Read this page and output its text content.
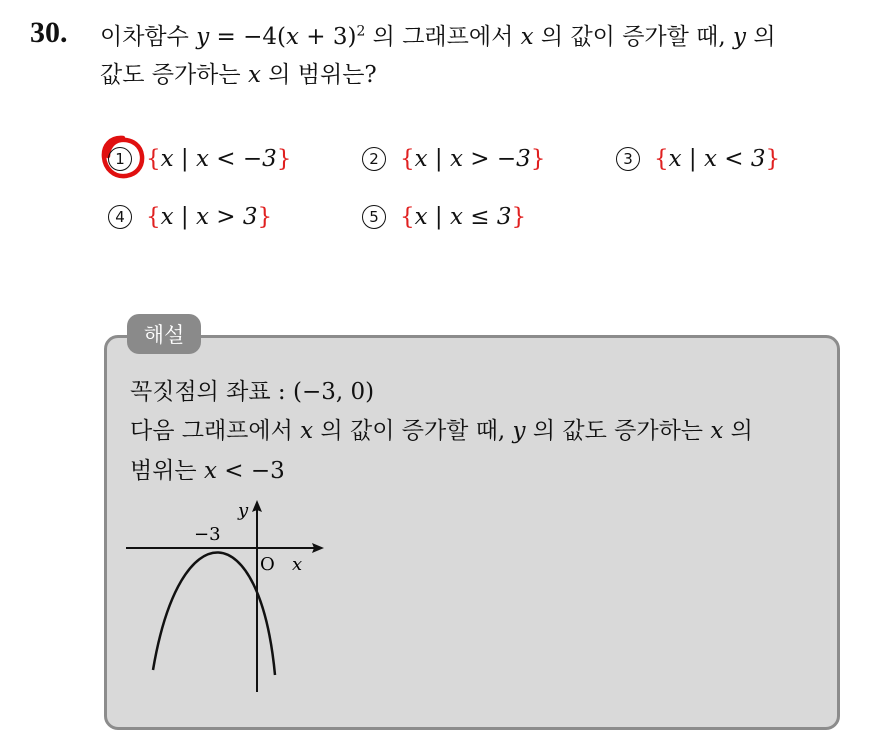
30. 이차함수 $y = -4(x + 3)^2$ 의 그래프에서 x 의 값이 증가할 때, y 의
값도 증가하는 x 의 범위는?
1 {x | x < −3}	2 {x | x > −3}	3 {x | x < 3}
4 {x | x > 3}	5 {x | x ≤ 3}
해설
꼭짓점의 좌표 : (−3, 0)
다음 그래프에서 x 의 값이 증가할 때, y 의 값도 증가하는 x 의
범위는 x < −3
−3
O x
y
